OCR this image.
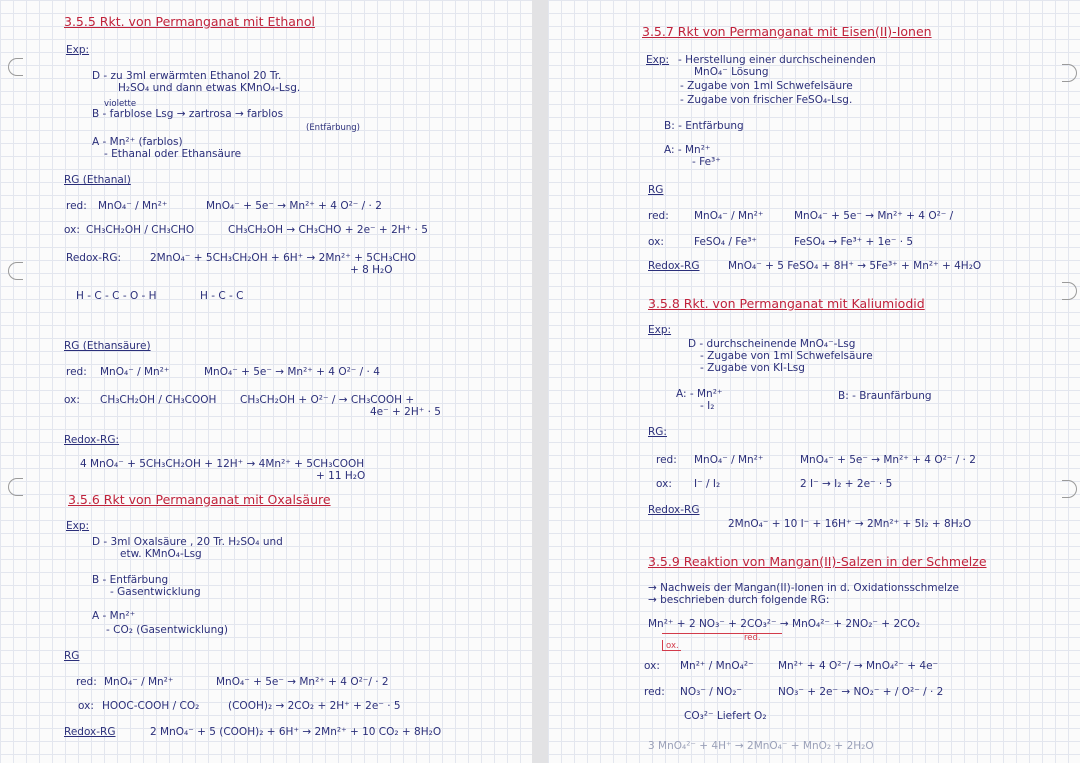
3.5.5 Rkt. von Permanganat mit Ethanol
Exp:
D - zu 3ml erwärmten Ethanol 20 Tr.
H₂SO₄ und dann etwas KMnO₄-Lsg.
violette
B - farblose Lsg → zartrosa → farblos
(Entfärbung)
A - Mn²⁺ (farblos)
- Ethanal oder Ethansäure
RG (Ethanal)
red: MnO₄⁻ / Mn²⁺	MnO₄⁻ + 5e⁻ → Mn²⁺ + 4 O²⁻ / · 2
ox: CH₃CH₂OH / CH₃CHO	CH₃CH₂OH → CH₃CHO + 2e⁻ + 2H⁺ · 5
Redox-RG:	2MnO₄⁻ + 5CH₃CH₂OH + 6H⁺ → 2Mn²⁺ + 5CH₃CHO
+ 8 H₂O
H - C - C - O - H	H - C - C
RG (Ethansäure)
red: MnO₄⁻ / Mn²⁺	MnO₄⁻ + 5e⁻ → Mn²⁺ + 4 O²⁻ / · 4
ox: CH₃CH₂OH / CH₃COOH CH₃CH₂OH + O²⁻ / → CH₃COOH +
4e⁻ + 2H⁺ · 5
Redox-RG:
4 MnO₄⁻ + 5CH₃CH₂OH + 12H⁺ → 4Mn²⁺ + 5CH₃COOH
+ 11 H₂O
3.5.6 Rkt von Permanganat mit Oxalsäure
Exp:
D - 3ml Oxalsäure , 20 Tr. H₂SO₄ und
etw. KMnO₄-Lsg
B - Entfärbung
- Gasentwicklung
A - Mn²⁺
- CO₂ (Gasentwicklung)
RG
red: MnO₄⁻ / Mn²⁺	MnO₄⁻ + 5e⁻ → Mn²⁺ + 4 O²⁻/ · 2
ox: HOOC-COOH / CO₂	(COOH)₂ → 2CO₂ + 2H⁺ + 2e⁻ · 5
Redox-RG	2 MnO₄⁻ + 5 (COOH)₂ + 6H⁺ → 2Mn²⁺ + 10 CO₂ + 8H₂O
3.5.7 Rkt von Permanganat mit Eisen(II)-Ionen
Exp: - Herstellung einer durchscheinenden
MnO₄⁻ Lösung
- Zugabe von 1ml Schwefelsäure
- Zugabe von frischer FeSO₄-Lsg.
B: - Entfärbung
A: - Mn²⁺
- Fe³⁺
RG
red: MnO₄⁻ / Mn²⁺	MnO₄⁻ + 5e⁻ → Mn²⁺ + 4 O²⁻ /
ox:	FeSO₄ / Fe³⁺	FeSO₄ → Fe³⁺ + 1e⁻ · 5
Redox-RG	MnO₄⁻ + 5 FeSO₄ + 8H⁺ → 5Fe³⁺ + Mn²⁺ + 4H₂O
3.5.8 Rkt. von Permanganat mit Kaliumiodid
Exp:
D - durchscheinende MnO₄⁻-Lsg
- Zugabe von 1ml Schwefelsäure
- Zugabe von KI-Lsg
A: - Mn²⁺
- I₂
B: - Braunfärbung
RG:
red: MnO₄⁻ / Mn²⁺	MnO₄⁻ + 5e⁻ → Mn²⁺ + 4 O²⁻ / · 2
ox: I⁻ / I₂	2 I⁻ → I₂ + 2e⁻ · 5
Redox-RG
2MnO₄⁻ + 10 I⁻ + 16H⁺ → 2Mn²⁺ + 5I₂ + 8H₂O
3.5.9 Reaktion von Mangan(II)-Salzen in der Schmelze
→ Nachweis der Mangan(II)-Ionen in d. Oxidationsschmelze
→ beschrieben durch folgende RG:
Mn²⁺ + 2 NO₃⁻ + 2CO₃²⁻ → MnO₄²⁻ + 2NO₂⁻ + 2CO₂
red.
ox.
ox: Mn²⁺ / MnO₄²⁻ Mn²⁺ + 4 O²⁻/ → MnO₄²⁻ + 4e⁻
red: NO₃⁻ / NO₂⁻	NO₃⁻ + 2e⁻ → NO₂⁻ + / O²⁻ / · 2
CO₃²⁻ Liefert O₂
3 MnO₄²⁻ + 4H⁺ → 2MnO₄⁻ + MnO₂ + 2H₂O
